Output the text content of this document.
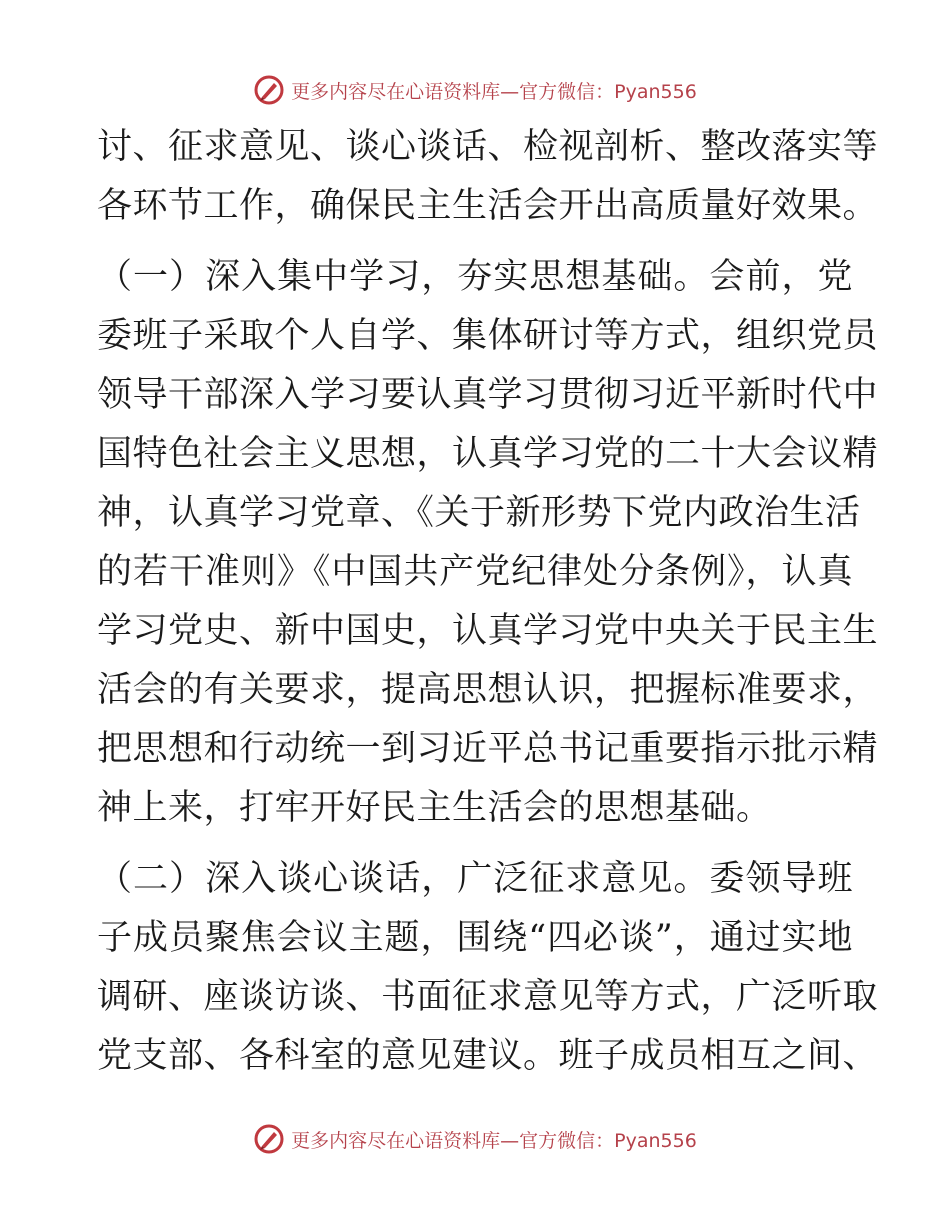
更多内容尽在心语资料库—官方微信：Pyan556
讨、征求意见、谈心谈话、检视剖析、整改落实等
各环节工作，确保民主生活会开出高质量好效果。
（一）深入集中学习，夯实思想基础。会前，党
委班子采取个人自学、集体研讨等方式，组织党员
领导干部深入学习要认真学习贯彻习近平新时代中
国特色社会主义思想，认真学习党的二十大会议精
神，认真学习党章、《关于新形势下党内政治生活
的若干准则》《中国共产党纪律处分条例》，认真
学习党史、新中国史，认真学习党中央关于民主生
活会的有关要求，提高思想认识，把握标准要求，
把思想和行动统一到习近平总书记重要指示批示精
神上来，打牢开好民主生活会的思想基础。
（二）深入谈心谈话，广泛征求意见。委领导班
子成员聚焦会议主题，围绕“四必谈”，通过实地
调研、座谈访谈、书面征求意见等方式，广泛听取
党支部、各科室的意见建议。班子成员相互之间、
更多内容尽在心语资料库—官方微信：Pyan556
